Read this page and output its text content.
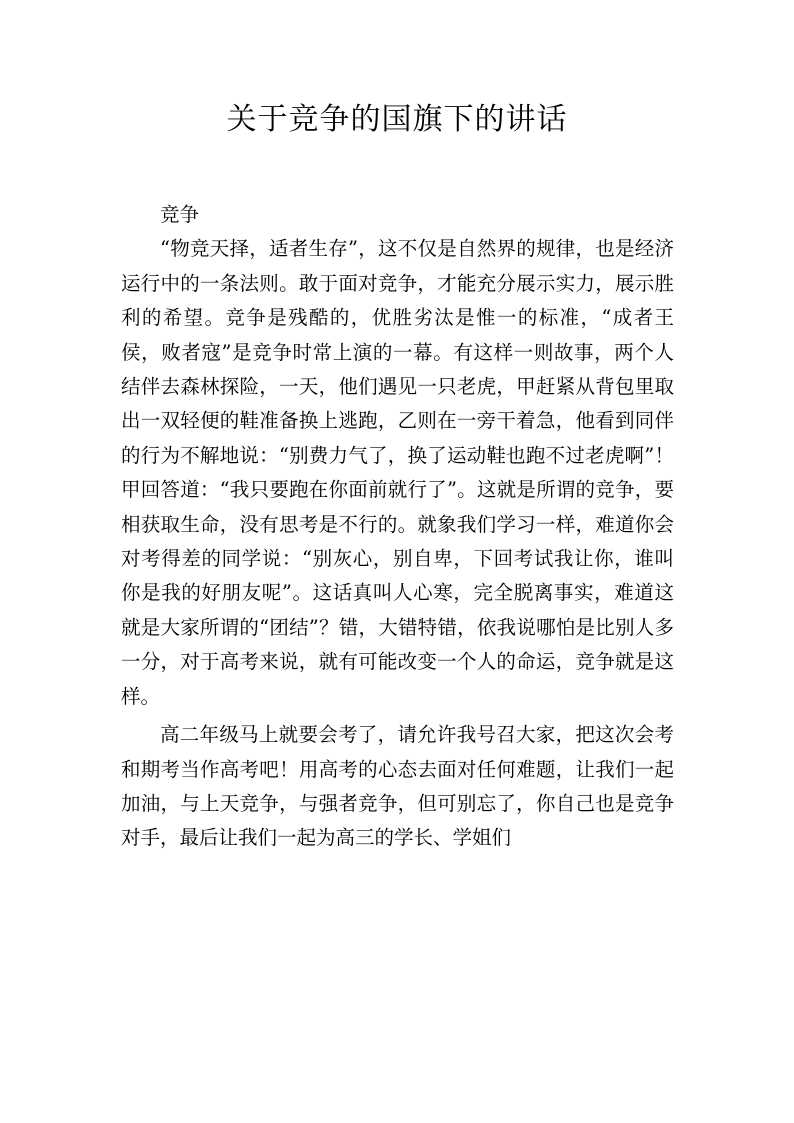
关于竞争的国旗下的讲话

竞争

“物竞天择，适者生存”，这不仅是自然界的规律，也是经济运行中的一条法则。敢于面对竞争，才能充分展示实力，展示胜利的希望。竞争是残酷的，优胜劣汰是惟一的标准，“成者王侯，败者寇”是竞争时常上演的一幕。有这样一则故事，两个人结伴去森林探险，一天，他们遇见一只老虎，甲赶紧从背包里取出一双轻便的鞋准备换上逃跑，乙则在一旁干着急，他看到同伴的行为不解地说：“别费力气了，换了运动鞋也跑不过老虎啊”！甲回答道：“我只要跑在你面前就行了”。这就是所谓的竞争，要相获取生命，没有思考是不行的。就象我们学习一样，难道你会对考得差的同学说：“别灰心，别自卑，下回考试我让你，谁叫你是我的好朋友呢”。这话真叫人心寒，完全脱离事实，难道这就是大家所谓的“团结”？错，大错特错，依我说哪怕是比别人多一分，对于高考来说，就有可能改变一个人的命运，竞争就是这样。

高二年级马上就要会考了，请允许我号召大家，把这次会考和期考当作高考吧！用高考的心态去面对任何难题，让我们一起加油，与上天竞争，与强者竞争，但可别忘了，你自己也是竞争对手，最后让我们一起为高三的学长、学姐们
